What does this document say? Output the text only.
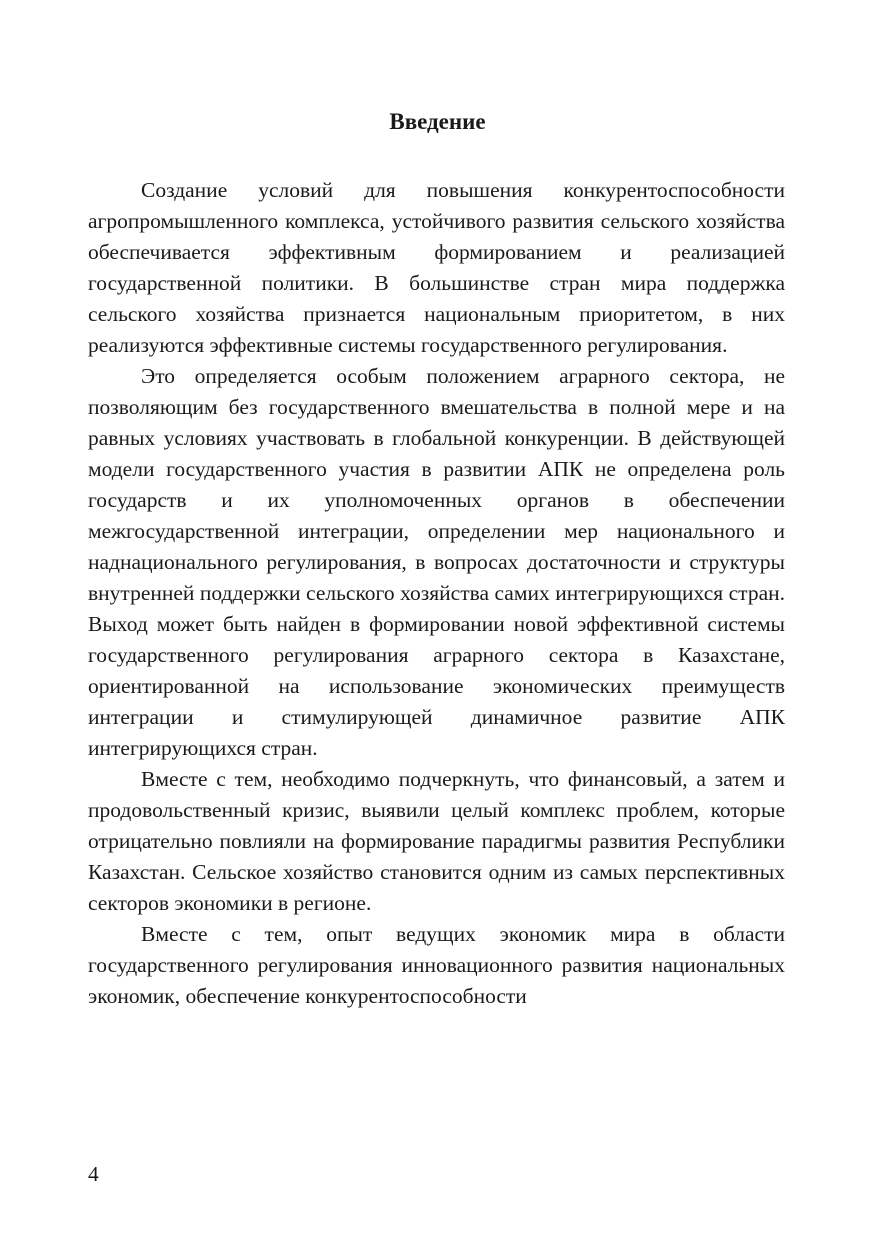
Введение

Создание условий для повышения конкурентоспособности агропромышленного комплекса, устойчивого развития сельского хозяйства обеспечивается эффективным формированием и реализацией государственной политики. В большинстве стран мира поддержка сельского хозяйства признается национальным приоритетом, в них реализуются эффективные системы государственного регулирования.

Это определяется особым положением аграрного сектора, не позволяющим без государственного вмешательства в полной мере и на равных условиях участвовать в глобальной конкуренции. В действующей модели государственного участия в развитии АПК не определена роль государств и их уполномоченных органов в обеспечении межгосударственной интеграции, определении мер национального и наднационального регулирования, в вопросах достаточности и структуры внутренней поддержки сельского хозяйства самих интегрирующихся стран. Выход может быть найден в формировании новой эффективной системы государственного регулирования аграрного сектора в Казахстане, ориентированной на использование экономических преимуществ интеграции и стимулирующей динамичное развитие АПК интегрирующихся стран.

Вместе с тем, необходимо подчеркнуть, что финансовый, а затем и продовольственный кризис, выявили целый комплекс проблем, которые отрицательно повлияли на формирование парадигмы развития Республики Казахстан. Сельское хозяйство становится одним из самых перспективных секторов экономики в регионе.

Вместе с тем, опыт ведущих экономик мира в области государственного регулирования инновационного развития национальных экономик, обеспечение конкурентоспособности

4
